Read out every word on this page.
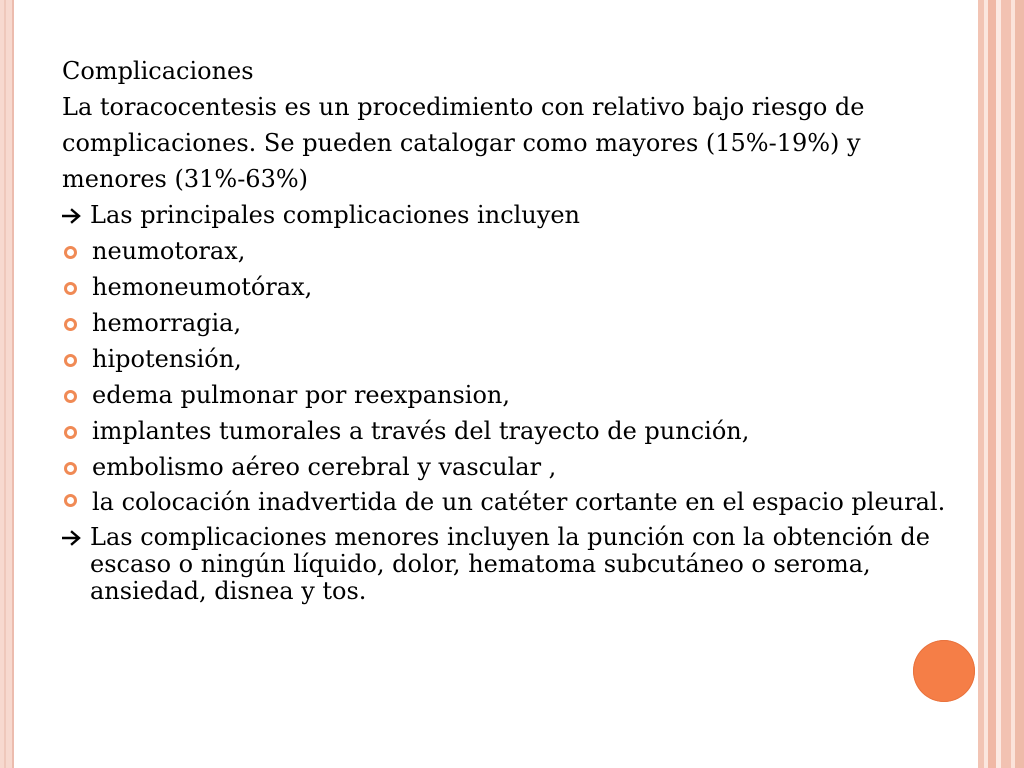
Complicaciones
La toracocentesis es un procedimiento con relativo bajo riesgo de
complicaciones. Se pueden catalogar como mayores (15%-19%) y
menores (31%-63%)
Las principales complicaciones incluyen
neumotorax,
hemoneumotórax,
hemorragia,
hipotensión,
edema pulmonar por reexpansion,
implantes tumorales a través del trayecto de punción,
embolismo aéreo cerebral y vascular ,
la colocación inadvertida de un catéter cortante en el espacio pleural.
Las complicaciones menores incluyen la punción con la obtención de escaso o ningún líquido, dolor, hematoma subcutáneo o seroma, ansiedad, disnea y tos.
